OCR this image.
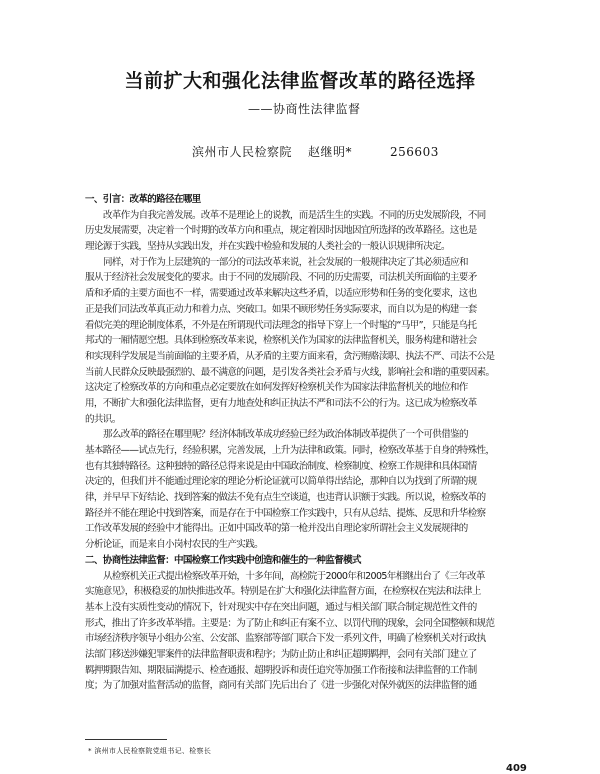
当前扩大和强化法律监督改革的路径选择
——协商性法律监督
滨州市人民检察院 赵继明*	256603
一、引言：改革的路径在哪里
改革作为自我完善发展。改革不是理论上的说教，而是活生生的实践。不同的历史发展阶段，不同
历史发展需要，决定着一个时期的改革方向和重点，规定着因时因地因宜所选择的改革路径。这也是
理论源于实践，坚持从实践出发，并在实践中检验和发展的人类社会的一般认识规律所决定。
同样，对于作为上层建筑的一部分的司法改革来说，社会发展的一般规律决定了其必须适应和
服从于经济社会发展变化的要求。由于不同的发展阶段、不同的历史需要，司法机关所面临的主要矛
盾和矛盾的主要方面也不一样，需要通过改革来解决这些矛盾，以适应形势和任务的变化要求，这也
正是我们司法改革真正动力和着力点、突破口。如果不顾形势任务实际要求，而自以为是的构建一套
看似完美的理论制度体系，不外是在所谓现代司法理念的指导下穿上一个时髦的“马甲”，只能是乌托
邦式的一厢情愿空想。具体到检察改革来说，检察机关作为国家的法律监督机关，服务构建和谐社会
和实现科学发展是当前面临的主要矛盾，从矛盾的主要方面来看，贪污贿赂渎职、执法不严、司法不公是
当前人民群众反映最强烈的、最不满意的问题，是引发各类社会矛盾与火线，影响社会和谐的重要因素。
这决定了检察改革的方向和重点必定要放在如何发挥好检察机关作为国家法律监督机关的地位和作
用，不断扩大和强化法律监督，更有力地查处和纠正执法不严和司法不公的行为。这已成为检察改革
的共识。
那么改革的路径在哪里呢？经济体制改革成功经验已经为政治体制改革提供了一个可供借鉴的
基本路径——试点先行，经验积累，完善发展，上升为法律和政策。同时，检察改革基于自身的特殊性，
也有其独特路径。这种独特的路径总得来说是由中国政治制度、检察制度、检察工作规律和具体国情
决定的，但我们并不能通过理论家的理论分析论证就可以简单得出结论，那种自以为找到了所谓的规
律，并早早下好结论、找到答案的做法不免有点生空谈道，也违背认识额于实践。所以说，检察改革的
路径并不能在理论中找到答案，而是存在于中国检察工作实践中，只有从总结、提炼、反思和升华检察
工作改革发展的经验中才能得出。正如中国改革的第一枪并没出自理论家所谓社会主义发展规律的
分析论证，而是来自小岗村农民的生产实践。
二、协商性法律监督：中国检察工作实践中创造和催生的一种监督模式
从检察机关正式提出检察改革开始，十多年间，高检院于2000年和2005年相继出台了《三年改革
实施意见》，积极稳妥的加快推进改革。特别是在扩大和强化法律监督方面，在检察权在宪法和法律上
基本上没有实质性变动的情况下，针对现实中存在突出问题，通过与相关部门联合制定规范性文件的
形式，推出了许多改革举措。主要是：为了防止和纠正有案不立、以罚代刑的现象，会同全国整顿和规范
市场经济秩序领导小组办公室、公安部、监察部等部门联合下发一系列文件，明确了检察机关对行政执
法部门移送涉嫌犯罪案件的法律监督职责和程序；为防止防止和纠正超期羁押，会同有关部门建立了
羁押期限告知、期限届满提示、检查通报、超期投诉和责任追究等加强工作衔接和法律监督的工作制
度；为了加强对监督活动的监督，商同有关部门先后出台了《进一步强化对保外就医的法律监督的通
* 滨州市人民检察院党组书记、检察长
409
